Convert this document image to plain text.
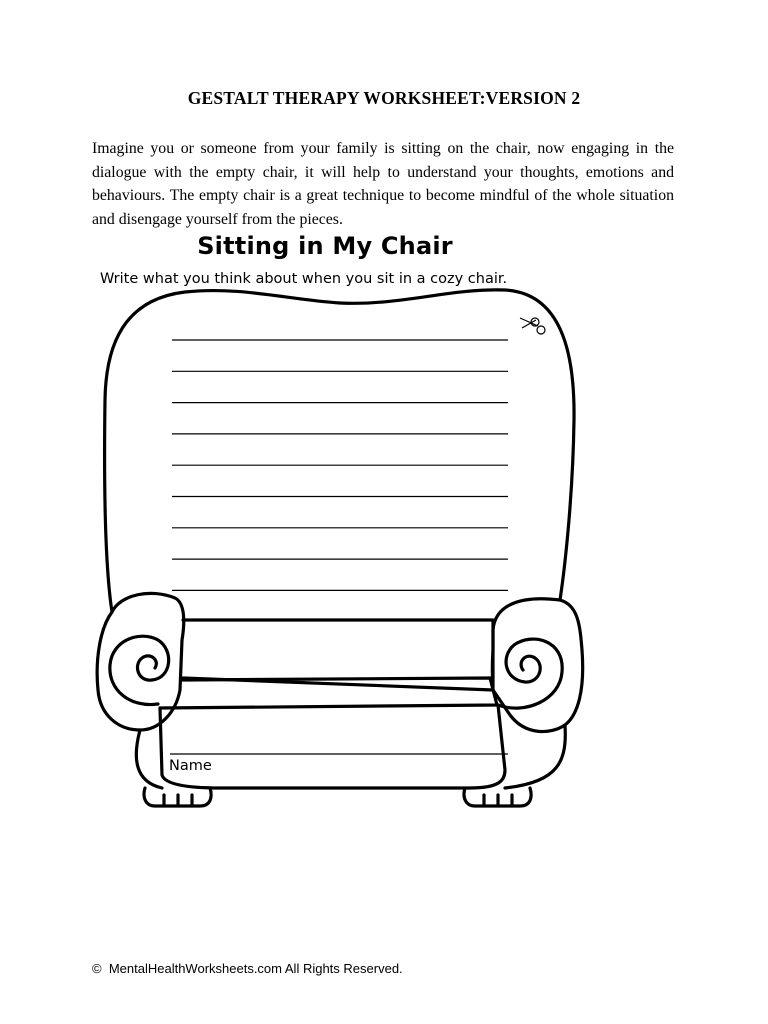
GESTALT THERAPY WORKSHEET:VERSION 2
Imagine you or someone from your family is sitting on the chair, now engaging in the dialogue with the empty chair, it will help to understand your thoughts, emotions and behaviours. The empty chair is a great technique to become mindful of the whole situation and disengage yourself from the pieces.
Sitting in My Chair
Write what you think about when you sit in a cozy chair.
Name
© MentalHealthWorksheets.com All Rights Reserved.
